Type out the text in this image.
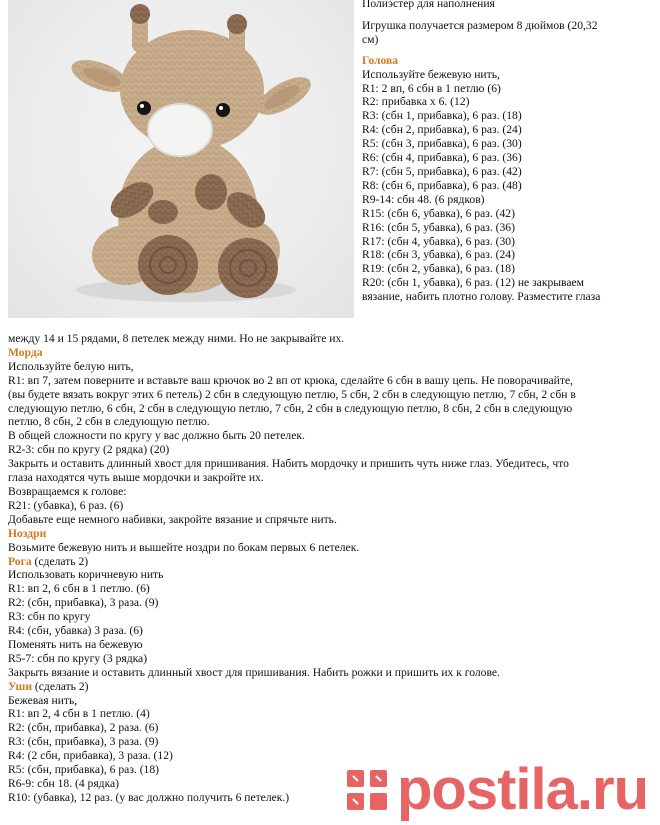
Полиэстер для наполнения
Игрушка получается размером 8 дюймов (20,32
см)
Голова
Используйте бежевую нить,
R1: 2 вп, 6 сбн в 1 петлю (6)
R2: прибавка х 6. (12)
R3: (сбн 1, прибавка), 6 раз. (18)
R4: (сбн 2, прибавка), 6 раз. (24)
R5: (сбн 3, прибавка), 6 раз. (30)
R6: (сбн 4, прибавка), 6 раз. (36)
R7: (сбн 5, прибавка), 6 раз. (42)
R8: (сбн 6, прибавка), 6 раз. (48)
R9-14: сбн 48. (6 рядков)
R15: (сбн 6, убавка), 6 раз. (42)
R16: (сбн 5, убавка), 6 раз. (36)
R17: (сбн 4, убавка), 6 раз. (30)
R18: (сбн 3, убавка), 6 раз. (24)
R19: (сбн 2, убавка), 6 раз. (18)
R20: (сбн 1, убавка), 6 раз. (12) не закрываем
вязание, набить плотно голову. Разместите глаза
между 14 и 15 рядами, 8 петелек между ними. Но не закрывайте их.
Морда
Используйте белую нить,
R1: вп 7, затем поверните и вставьте ваш крючок во 2 вп от крюка, сделайте 6 сбн в вашу цепь. Не поворачивайте,
(вы будете вязать вокруг этих 6 петель) 2 сбн в следующую петлю, 5 сбн, 2 сбн в следующую петлю, 7 сбн, 2 сбн в
следующую петлю, 6 сбн, 2 сбн в следующую петлю, 7 сбн, 2 сбн в следующую петлю, 8 сбн, 2 сбн в следующую
петлю, 8 сбн, 2 сбн в следующую петлю.
В общей сложности по кругу у вас должно быть 20 петелек.
R2-3: сбн по кругу (2 рядка) (20)
Закрыть и оставить длинный хвост для пришивания. Набить мордочку и пришить чуть ниже глаз. Убедитесь, что
глаза находятся чуть выше мордочки и закройте их.
Возвращаемся к голове:
R21: (убавка), 6 раз. (6)
Добавьте еще немного набивки, закройте вязание и спрячьте нить.
Ноздри
Возьмите бежевую нить и вышейте ноздри по бокам первых 6 петелек.
Рога (сделать 2)
Использовать коричневую нить
R1: вп 2, 6 сбн в 1 петлю. (6)
R2: (сбн, прибавка), 3 раза. (9)
R3: сбн по кругу
R4: (сбн, убавка) 3 раза. (6)
Поменять нить на бежевую
R5-7: сбн по кругу (3 рядка)
Закрыть вязание и оставить длинный хвост для пришивания. Набить рожки и пришить их к голове.
Уши (сделать 2)
Бежевая нить,
R1: вп 2, 4 сбн в 1 петлю. (4)
R2: (сбн, прибавка), 2 раза. (6)
R3: (сбн, прибавка), 3 раза. (9)
R4: (2 сбн, прибавка), 3 раза. (12)
R5: (сбн, прибавка), 6 раз. (18)
R6-9: сбн 18. (4 рядка)
R10: (убавка), 12 раз. (у вас должно получить 6 петелек.)	postila.ru
